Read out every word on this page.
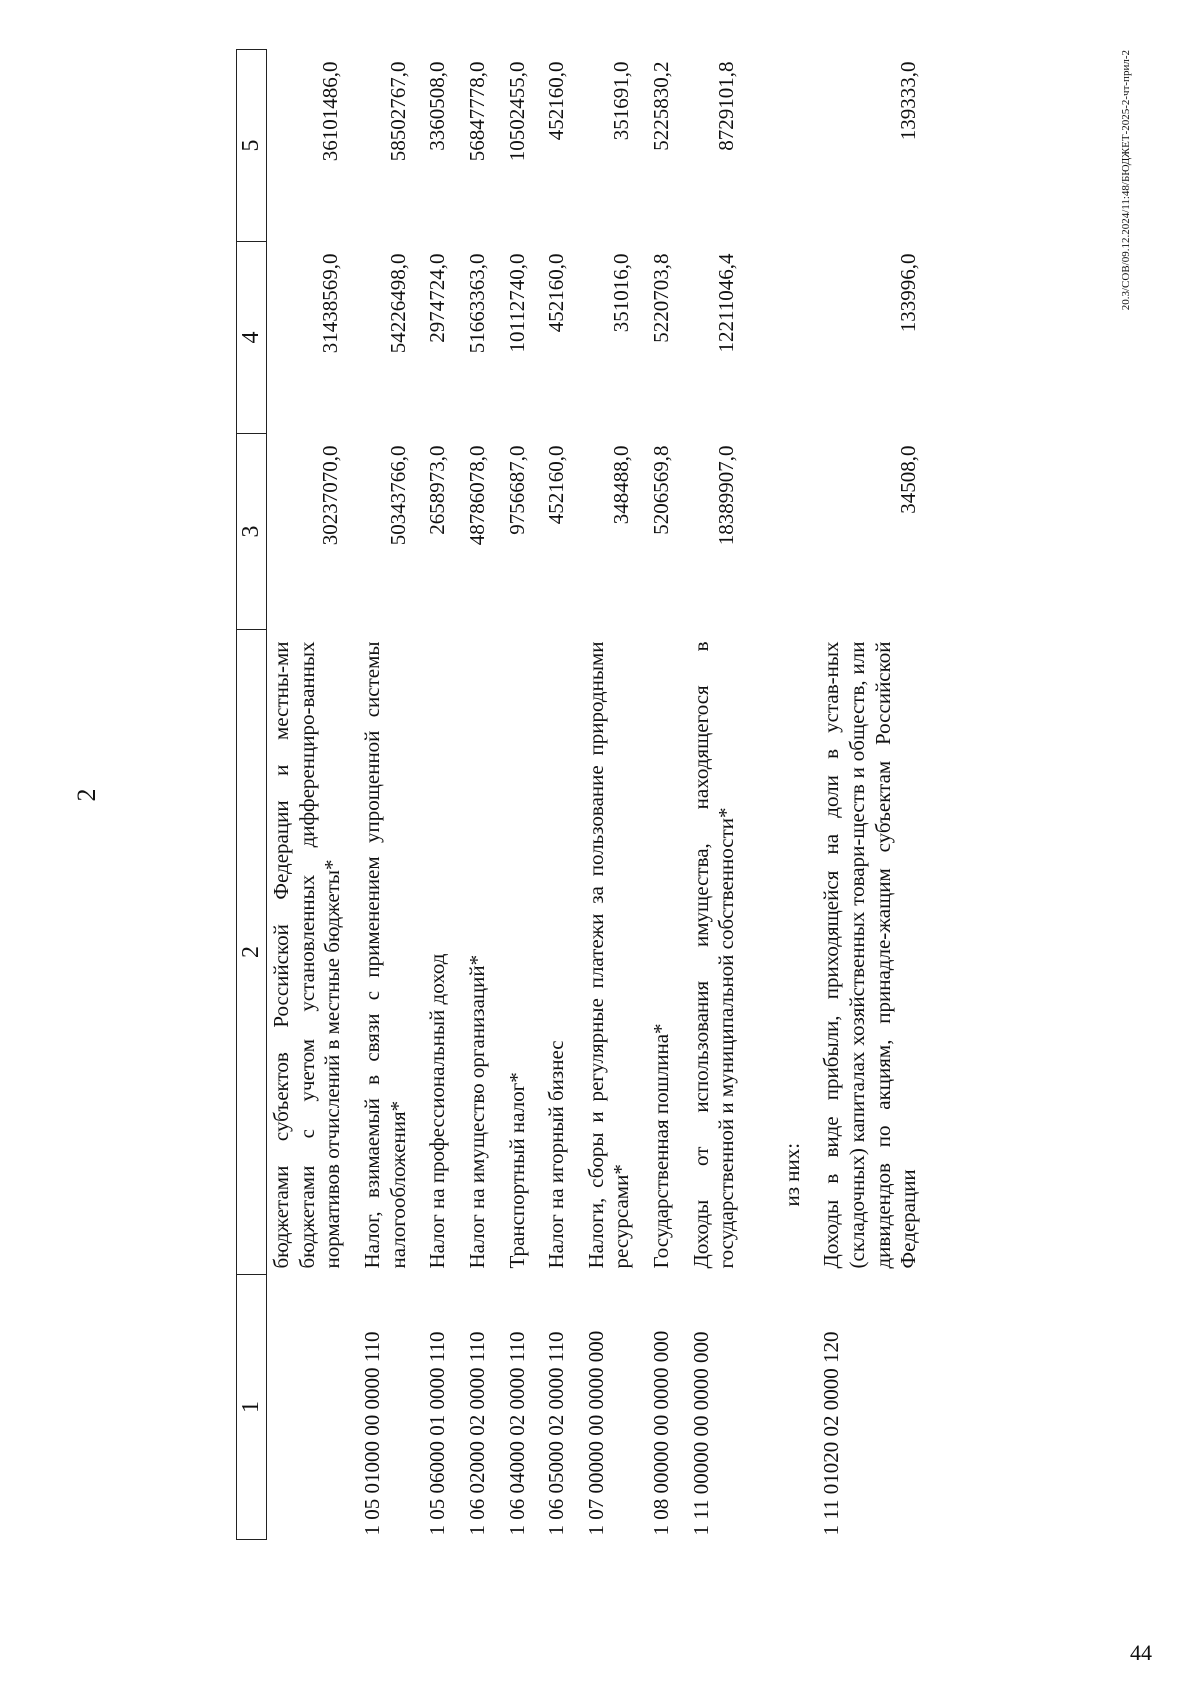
2
1	2	3	4	5
	бюджетами субъектов Российской Федерации и местны-ми бюджетами с учетом установленных дифференциро-ванных нормативов отчислений в местные бюджеты*	30237070,0	31438569,0	36101486,0
1 05 01000 00 0000 110	Налог, взимаемый в связи с применением упрощенной системы налогообложения*	50343766,0	54226498,0	58502767,0
1 05 06000 01 0000 110	Налог на профессиональный доход	2658973,0	2974724,0	3360508,0
1 06 02000 02 0000 110	Налог на имущество организаций*	48786078,0	51663363,0	56847778,0
1 06 04000 02 0000 110	Транспортный налог*	9756687,0	10112740,0	10502455,0
1 06 05000 02 0000 110	Налог на игорный бизнес	452160,0	452160,0	452160,0
1 07 00000 00 0000 000	Налоги, сборы и регулярные платежи за пользование природными ресурсами*	348488,0	351016,0	351691,0
1 08 00000 00 0000 000	Государственная пошлина*	5206569,8	5220703,8	5225830,2
1 11 00000 00 0000 000	Доходы от использования имущества, находящегося в государственной и муниципальной собственности*	18389907,0	12211046,4	8729101,8
	из них:			
1 11 01020 02 0000 120	Доходы в виде прибыли, приходящейся на доли в устав-ных (складочных) капиталах хозяйственных товари-ществ и обществ, или дивидендов по акциям, принадле-жащим субъектам Российской Федерации	34508,0	133996,0	139333,0	20.3/СОВ/09.12.2024/11:48/БЮДЖЕТ-2025-2-чт-прил-2
44
